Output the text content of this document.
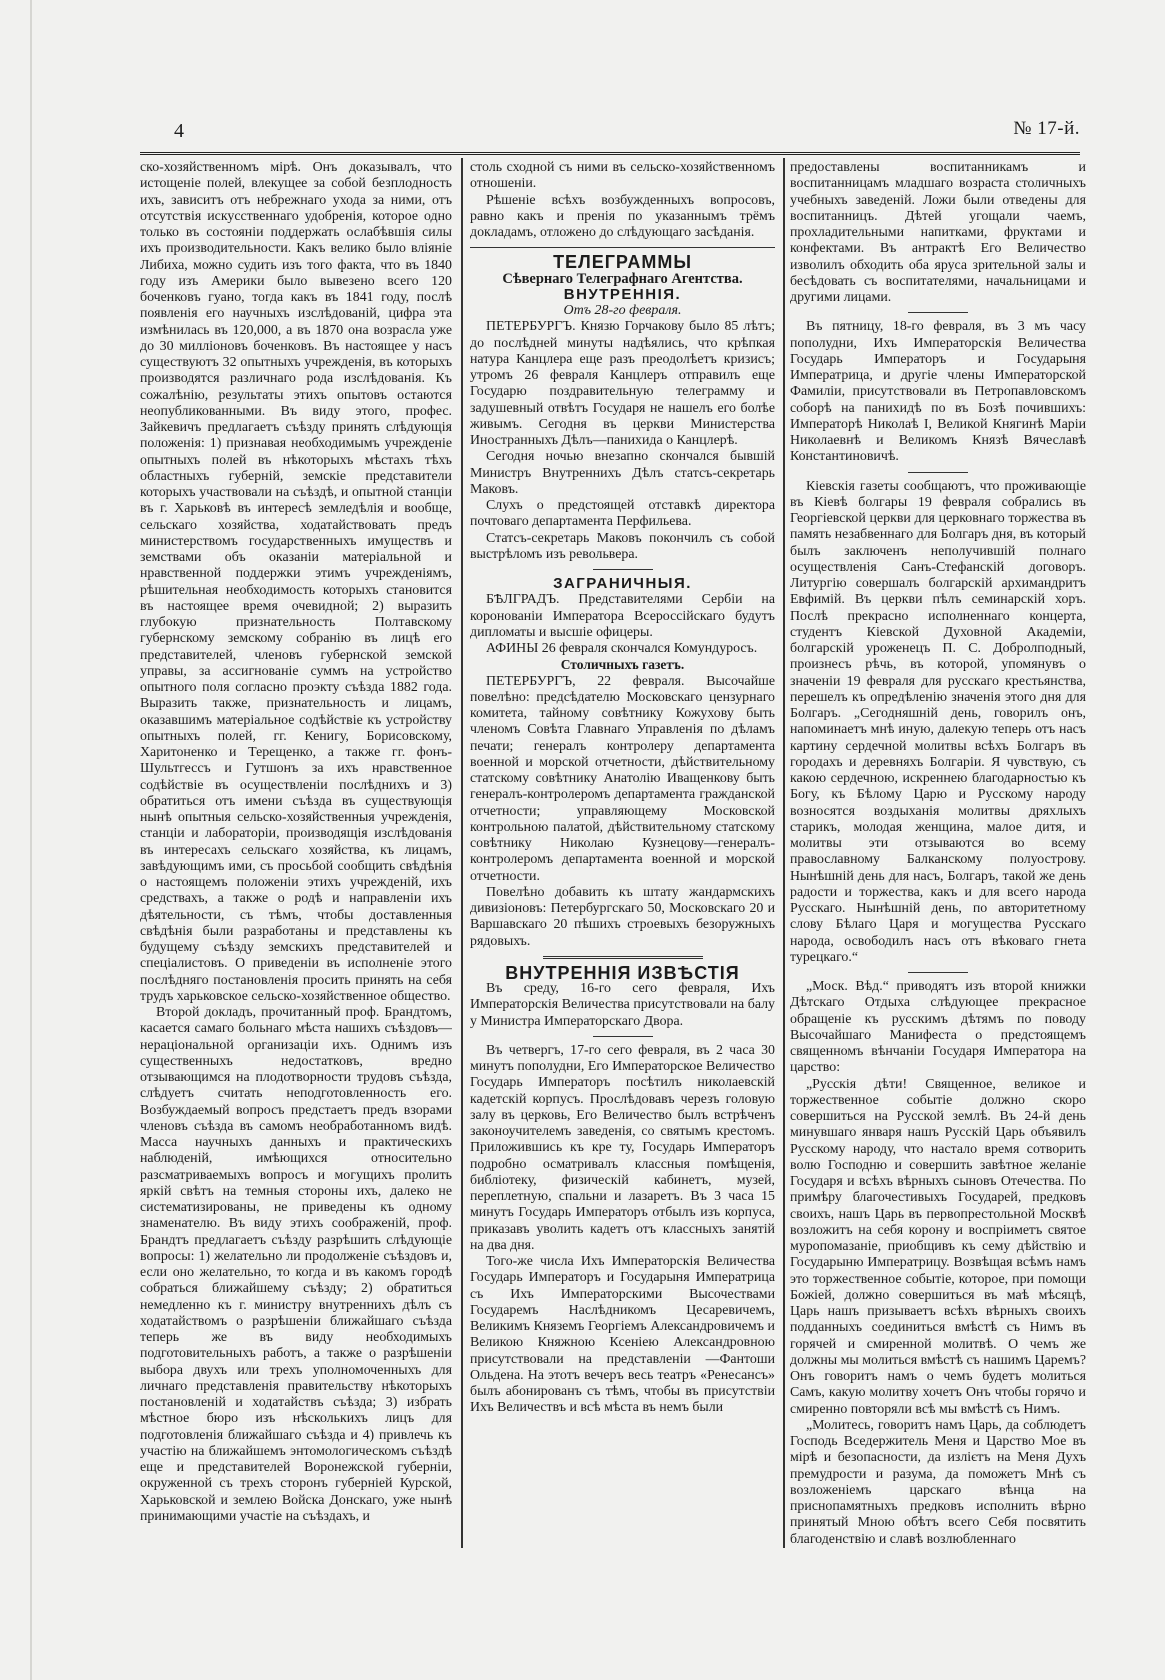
4	№ 17-й.

ско-хозяйственномъ мірѣ. Онъ доказывалъ, что истощеніе полей, влекущее за собой безплодность ихъ, зависитъ отъ небрежнаго ухода за ними, отъ отсутствія искусственнаго удобренія, которое одно только въ состояніи поддержать ослабѣвшія силы ихъ производительности. Какъ велико было вліяніе Либиха, можно судить изъ того факта, что въ 1840 году изъ Америки было вывезено всего 120 боченковъ гуано, тогда какъ въ 1841 году, послѣ появленія его научныхъ изслѣдованій, цифра эта измѣнилась въ 120,000, а въ 1870 она возрасла уже до 30 милліоновъ боченковъ. Въ настоящее у насъ существуютъ 32 опытныхъ учрежденія, въ которыхъ производятся различнаго рода изслѣдованія. Къ сожалѣнію, результаты этихъ опытовъ остаются неопубликованными. Въ виду этого, профес. Зайкевичъ предлагаетъ съѣзду принять слѣдующія положенія: 1) признавая необходимымъ учрежденіе опытныхъ полей въ нѣкоторыхъ мѣстахъ тѣхъ областныхъ губерній, земскіе представители которыхъ участвовали на съѣздѣ, и опытной станціи въ г. Харьковѣ въ интересѣ земледѣлія и вообще, сельскаго хозяйства, ходатайствовать предъ министерствомъ государственныхъ имуществъ и земствами объ оказаніи матеріальной и нравственной поддержки этимъ учрежденіямъ, рѣшительная необходимость которыхъ становится въ настоящее время очевидной; 2) выразить глубокую признательность Полтавскому губернскому земскому собранію въ лицѣ его представителей, членовъ губернской земской управы, за ассигнованіе суммъ на устройство опытного поля согласно проэкту съѣзда 1882 года. Выразить также, признательность и лицамъ, оказавшимъ матеріальное содѣйствіе къ устройству опытныхъ полей, гг. Кенигу, Борисовскому, Харитоненко и Терещенко, а также гг. фонъ-Шультгессъ и Гутшонъ за ихъ нравственное содѣйствіе въ осуществленіи послѣднихъ и 3) обратиться отъ имени съѣзда въ существующія нынѣ опытныя сельско-хозяйственныя учрежденія, станціи и лабораторіи, производящія изслѣдованія въ интересахъ сельскаго хозяйства, къ лицамъ, завѣдующимъ ими, съ просьбой сообщить свѣдѣнія о настоящемъ положеніи этихъ учрежденій, ихъ средствахъ, а также о родѣ и направленіи ихъ дѣятельности, съ тѣмъ, чтобы доставленныя свѣдѣнія были разработаны и представлены къ будущему съѣзду земскихъ представителей и спеціалистовъ. О приведеніи въ исполненіе этого послѣдняго постановленія просить принять на себя трудъ харьковское сельско-хозяйственное общество.

Второй докладъ, прочитанный проф. Брандтомъ, касается самаго больнаго мѣста нашихъ съѣздовъ—нераціональной организаціи ихъ. Однимъ изъ существенныхъ недостатковъ, вредно отзывающимся на плодотворности трудовъ съѣзда, слѣдуетъ считать неподготовленность его. Возбуждаемый вопросъ предстаетъ предъ взорами членовъ съѣзда въ самомъ необработанномъ видѣ. Масса научныхъ данныхъ и практическихъ наблюденій, имѣющихся относительно разсматриваемыхъ вопросъ и могущихъ пролить яркій свѣтъ на темныя стороны ихъ, далеко не систематизированы, не приведены къ одному знаменателю. Въ виду этихъ соображеній, проф. Брандтъ предлагаетъ съѣзду разрѣшить слѣдующіе вопросы: 1) желательно ли продолженіе съѣздовъ и, если оно желательно, то когда и въ какомъ городѣ собраться ближайшему съѣзду; 2) обратиться немедленно къ г. министру внутреннихъ дѣлъ съ ходатайствомъ о разрѣшеніи ближайшаго съѣзда теперь же въ виду необходимыхъ подготовительныхъ работъ, а также о разрѣшеніи выбора двухъ или трехъ уполномоченныхъ для личнаго представленія правительству нѣкоторыхъ постановленій и ходатайствъ съѣзда; 3) избрать мѣстное бюро изъ нѣсколькихъ лицъ для подготовленія ближайшаго съѣзда и 4) привлечь къ участію на ближайшемъ энтомологическомъ съѣздѣ еще и представителей Воронежской губерніи, окруженной съ трехъ сторонъ губерніей Курской, Харьковской и землею Войска Донскаго, уже нынѣ принимающими участіе на съѣздахъ, и

столь сходной съ ними въ сельско-хозяйственномъ отношеніи.

Рѣшеніе всѣхъ возбужденныхъ вопросовъ, равно какъ и пренія по указаннымъ трёмъ докладамъ, отложено до слѣдующаго засѣданія.

ТЕЛЕГРАММЫ

Сѣвернаго Телеграфнаго Агентства.

ВНУТРЕННІЯ.

Отъ 28-го февраля.

ПЕТЕРБУРГЪ. Князю Горчакову было 85 лѣтъ; до послѣдней минуты надѣялись, что крѣпкая натура Канцлера еще разъ преодолѣетъ кризисъ; утромъ 26 февраля Канцлеръ отправилъ еще Государю поздравительную телеграмму и задушевный отвѣтъ Государя не нашелъ его болѣе живымъ. Сегодня въ церкви Министерства Иностранныхъ Дѣлъ—панихида о Канцлерѣ.

Сегодня ночью внезапно скончался бывшій Министръ Внутреннихъ Дѣлъ статсъ-секретарь Маковъ.

Слухъ о предстоящей отставкѣ директора почтоваго департамента Перфильева.

Статсъ-секретарь Маковъ покончилъ съ собой выстрѣломъ изъ револьвера.

ЗАГРАНИЧНЫЯ.

БѢЛГРАДЪ. Представителями Сербіи на коронованіи Императора Всероссійскаго будутъ дипломаты и высшіе офицеры.

АФИНЫ 26 февраля скончался Комундуросъ.

Столичныхъ газетъ.

ПЕТЕРБУРГЪ, 22 февраля. Высочайше повелѣно: предсѣдателю Московскаго цензурнаго комитета, тайному совѣтнику Кожухову быть членомъ Совѣта Главнаго Управленія по дѣламъ печати; генералъ контролеру департамента военной и морской отчетности, дѣйствительному статскому совѣтнику Анатолію Иващенкову быть генералъ-контролеромъ департамента гражданской отчетности; управляющему Московской контрольною палатой, дѣйствительному статскому совѣтнику Николаю Кузнецову—генералъ-контролеромъ департамента военной и морской отчетности.

Повелѣно добавить къ штату жандармскихъ дивизіоновъ: Петербургскаго 50, Московскаго 20 и Варшавскаго 20 пѣшихъ строевыхъ безоружныхъ рядовыхъ.

ВНУТРЕННІЯ ИЗВѢСТІЯ

Въ среду, 16-го сего февраля, Ихъ Императорскія Величества присутствовали на балу у Министра Императорскаго Двора.

Въ четвергъ, 17-го сего февраля, въ 2 часа 30 минутъ пополудни, Его Императорское Величество Государь Императоръ посѣтилъ николаевскій кадетскій корпусъ. Прослѣдовавъ черезъ головую залу въ церковь, Его Величество былъ встрѣченъ законоучителемъ заведенія, со святымъ крестомъ. Приложившись къ кре ту, Государь Императоръ подробно осматривалъ классныя помѣщенія, библіотеку, физическій кабинетъ, музей, переплетную, спальни и лазаретъ. Въ 3 часа 15 минутъ Государь Императоръ отбылъ изъ корпуса, приказавъ уволить кадетъ отъ классныхъ занятій на два дня.

Того-же числа Ихъ Императорскія Величества Государь Императоръ и Государыня Императрица съ Ихъ Императорскими Высочествами Государемъ Наслѣдникомъ Цесаревичемъ, Великимъ Княземъ Георгіемъ Александровичемъ и Великою Княжною Ксеніею Александровною присутствовали на представленіи —Фантоши Ольдена. На этотъ вечеръ весь театръ «Ренесансъ» былъ абонированъ съ тѣмъ, чтобы въ присутствіи Ихъ Величествъ и всѣ мѣста въ немъ были

предоставлены воспитанникамъ и воспитанницамъ младшаго возраста столичныхъ учебныхъ заведеній. Ложи были отведены для воспитанницъ. Дѣтей угощали чаемъ, прохладительными напитками, фруктами и конфектами. Въ антрактѣ Его Величество изволилъ обходить оба яруса зрительной залы и бесѣдовать съ воспитателями, начальницами и другими лицами.

Въ пятницу, 18-го февраля, въ 3 мъ часу пополудни, Ихъ Императорскія Величества Государь Императоръ и Государыня Императрица, и другіе члены Императорской Фамиліи, присутствовали въ Петропавловскомъ соборѣ на панихидѣ по въ Бозѣ почившихъ: Императорѣ Николаѣ I, Великой Княгинѣ Маріи Николаевнѣ и Великомъ Князѣ Вячеславѣ Константиновичѣ.

Кіевскія газеты сообщаютъ, что проживающіе въ Кіевѣ болгары 19 февраля собрались въ Георгіевской церкви для церковнаго торжества въ память незабвеннаго для Болгаръ дня, въ который былъ заключенъ неполучившій полнаго осуществленія Санъ-Стефанскій договоръ. Литургію совершалъ болгарскій архимандритъ Евфимій. Въ церкви пѣлъ семинарскій хоръ. Послѣ прекрасно исполненнаго концерта, студентъ Кіевской Духовной Академіи, болгарскій уроженецъ П. С. Добролподный, произнесъ рѣчь, въ которой, упомянувъ о значеніи 19 февраля для русскаго крестьянства, перешелъ къ опредѣленію значенія этого дня для Болгаръ. „Сегодняшній день, говорилъ онъ, напоминаетъ мнѣ иную, далекую теперь отъ насъ картину сердечной молитвы всѣхъ Болгаръ въ городахъ и деревняхъ Болгаріи. Я чувствую, съ какою сердечною, искреннею благодарностью къ Богу, къ Бѣлому Царю и Русскому народу возносятся воздыханія молитвы дряхлыхъ старикъ, молодая женщина, малое дитя, и молитвы эти отзываются во всему православному Балканскому полуострову. Нынѣшній день для насъ, Болгаръ, такой же день радости и торжества, какъ и для всего народа Русскаго. Нынѣшній день, по авторитетному слову Бѣлаго Царя и могущества Русскаго народа, освободилъ насъ отъ вѣковаго гнета турецкаго.“

„Моск. Вѣд.“ приводятъ изъ второй книжки Дѣтскаго Отдыха слѣдующее прекрасное обращеніе къ русскимъ дѣтямъ по поводу Высочайшаго Манифеста о предстоящемъ священномъ вѣнчаніи Государя Императора на царство:

„Русскія дѣти! Священное, великое и торжественное событіе должно скоро совершиться на Русской землѣ. Въ 24-й день минувшаго января нашъ Русскій Царь объявилъ Русскому народу, что настало время сотворить волю Господню и совершить завѣтное желаніе Государя и всѣхъ вѣрныхъ сыновъ Отечества. По примѣру благочестивыхъ Государей, предковъ своихъ, нашъ Царь въ первопрестольной Москвѣ возложитъ на себя корону и воспріиметъ святое муропомазаніе, приобщивъ къ сему дѣйствію и Государыню Императрицу. Возвѣщая всѣмъ намъ это торжественное событіе, которое, при помощи Божіей, должно совершиться въ маѣ мѣсяцѣ, Царь нашъ призываетъ всѣхъ вѣрныхъ своихъ подданныхъ соединиться вмѣстѣ съ Нимъ въ горячей и смиренной молитвѣ. О чемъ же должны мы молиться вмѣстѣ съ нашимъ Царемъ? Онъ говоритъ намъ о чемъ будетъ молиться Самъ, какую молитву хочетъ Онъ чтобы горячо и смиренно повторяли всѣ мы вмѣстѣ съ Нимъ.

„Молитесь, говоритъ намъ Царь, да соблюдетъ Господь Вседержитель Меня и Царство Мое въ мірѣ и безопасности, да излієтъ на Меня Духъ премудрости и разума, да поможетъ Мнѣ съ возложеніемъ царскаго вѣнца на приснопамятныхъ предковъ исполнить вѣрно принятый Мною обѣтъ всего Себя посвятить благоденствію и славѣ возлюбленнаго
